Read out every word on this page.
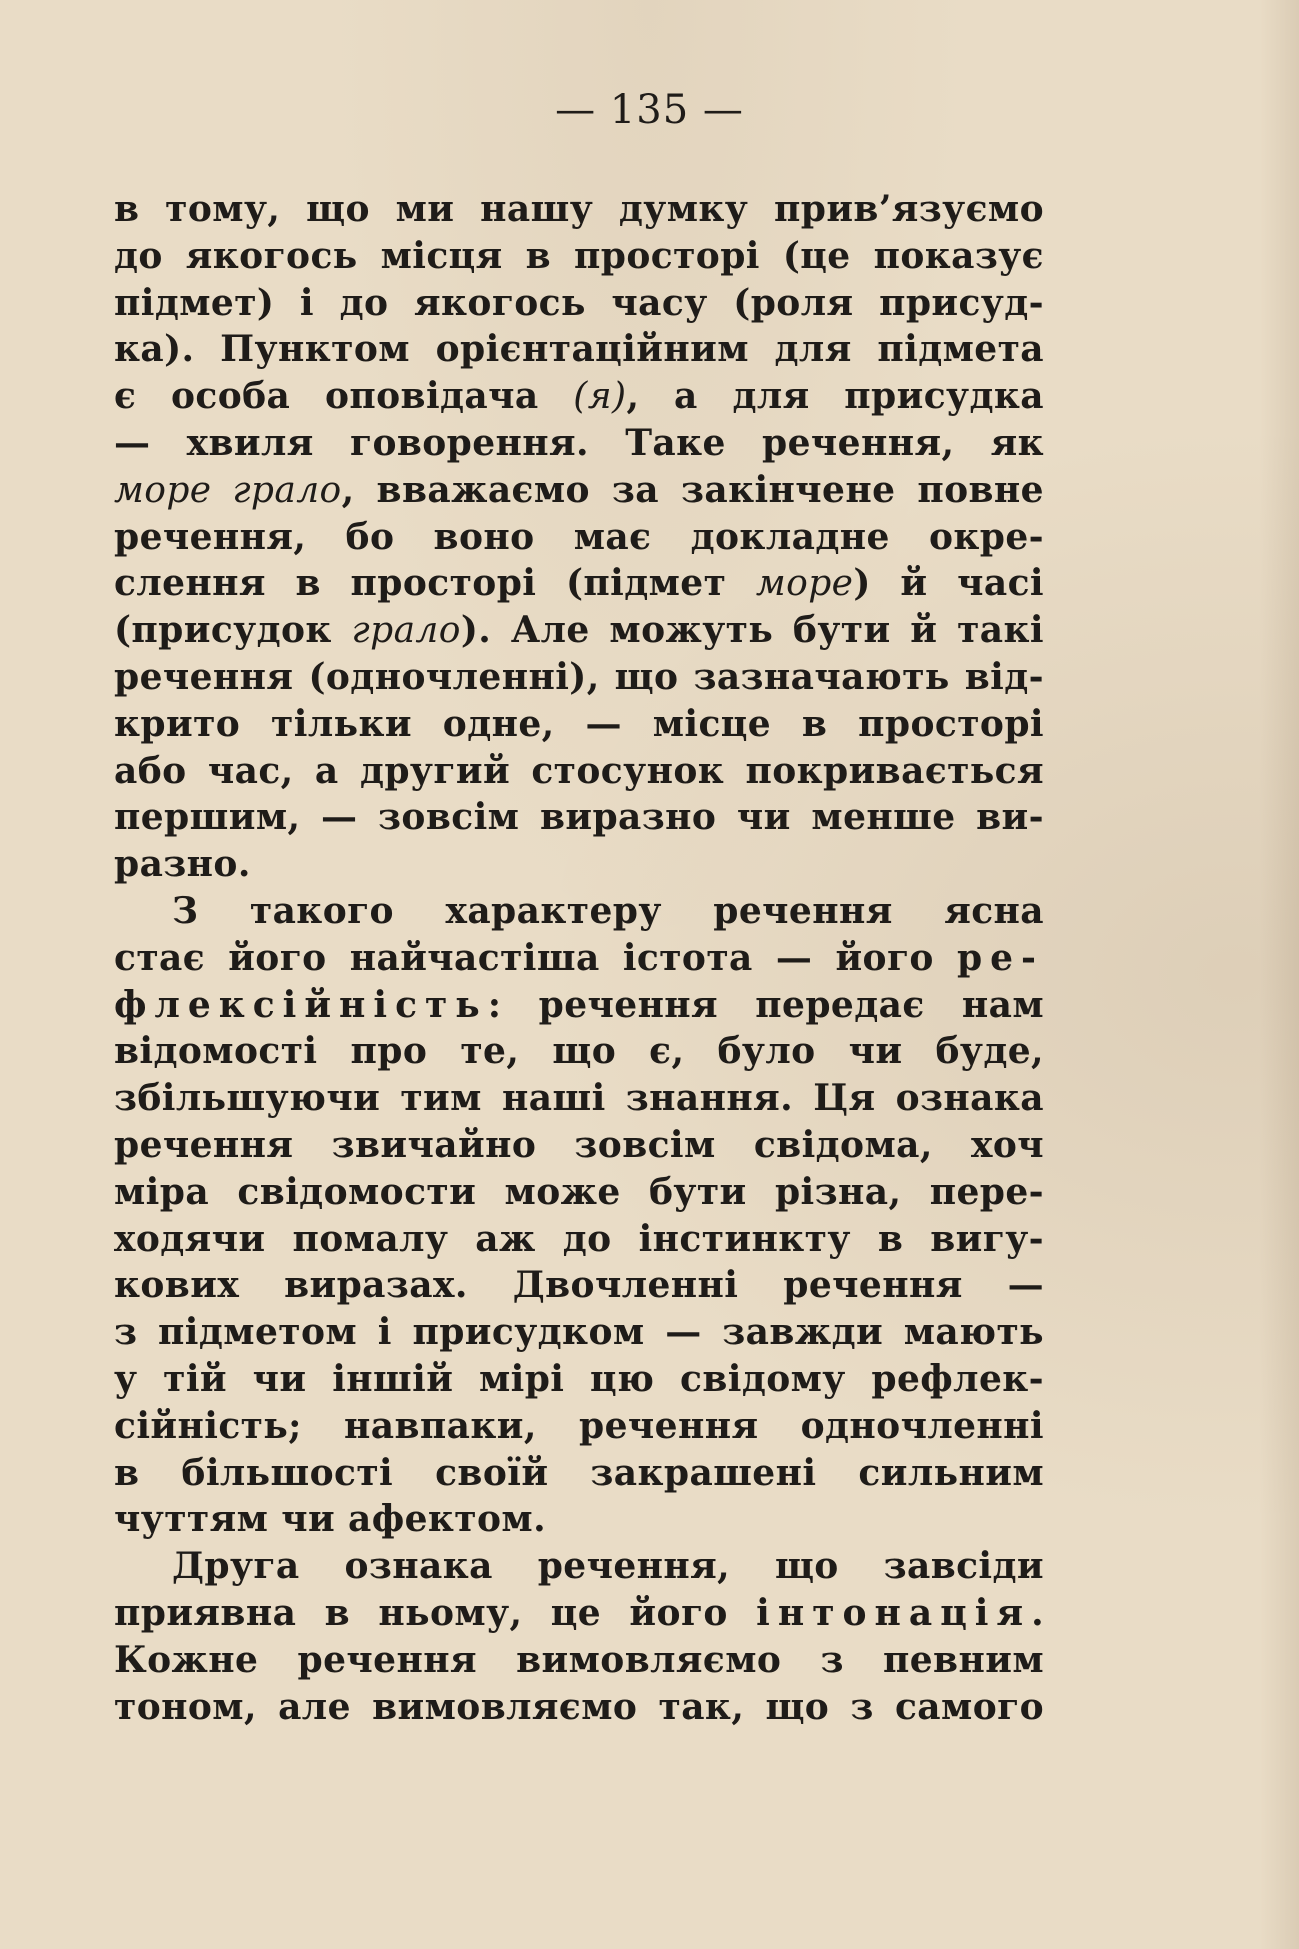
— 135 —
в тому, що ми нашу думку прив’язуємо
до якогось місця в просторі (це показує
підмет) і до якогось часу (роля присуд-
ка). Пунктом орієнтаційним для підмета
є особа оповідача (я), а для присудка
— хвиля говорення. Таке речення, як
море грало, вважаємо за закінчене повне
речення, бо воно має докладне окре-
слення в просторі (підмет море) й часі
(присудок грало). Але можуть бути й такі
речення (одночленні), що зазначають від-
крито тільки одне, — місце в просторі
або час, а другий стосунок покривається
першим, — зовсім виразно чи менше ви-
разно.
З такого характеру речення ясна
стає його найчастіша істота — його ре-
флексійність: речення передає нам
відомості про те, що є, було чи буде,
збільшуючи тим наші знання. Ця ознака
речення звичайно зовсім свідома, хоч
міра свідомости може бути різна, пере-
ходячи помалу аж до інстинкту в вигу-
кових виразах. Двочленні речення —
з підметом і присудком — завжди мають
у тій чи іншій мірі цю свідому рефлек-
сійність; навпаки, речення одночленні
в більшості своїй закрашені сильним
чуттям чи афектом.
Друга ознака речення, що завсіди
приявна в ньому, це його інтонація.
Кожне речення вимовляємо з певним
тоном, але вимовляємо так, що з самого
